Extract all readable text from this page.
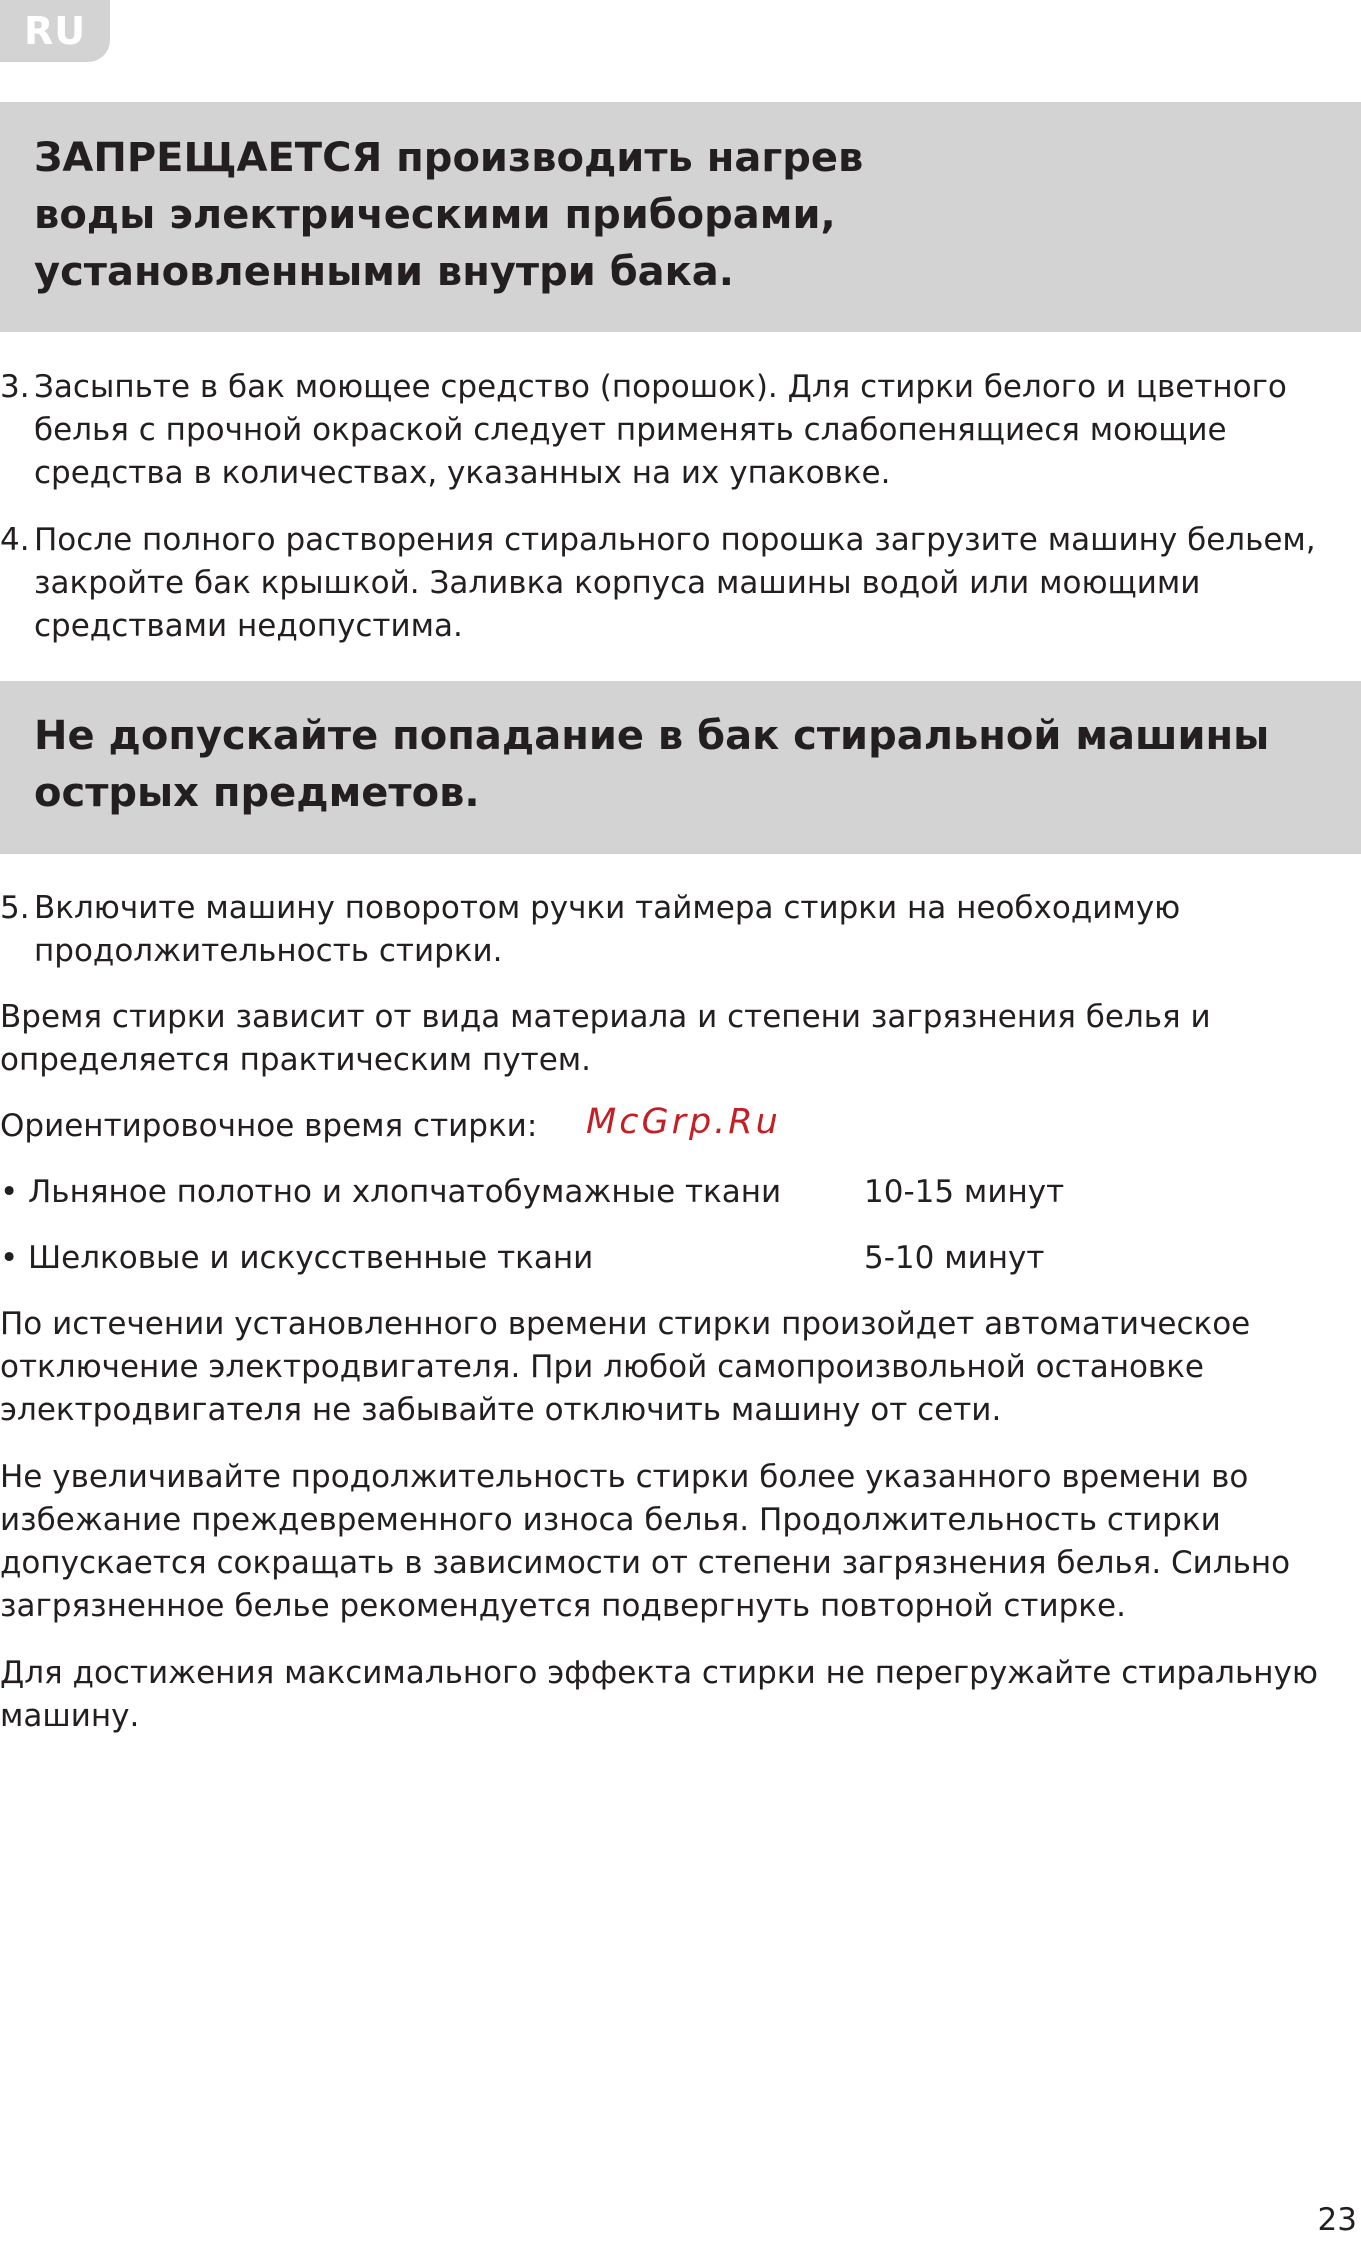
RU

ЗАПРЕЩАЕТСЯ производить нагрев

воды электрическими приборами,

установленными внутри бака.

3. Засыпьте в бак моющее средство (порошок). Для стирки белого и цветного белья с прочной окраской следует применять слабопенящиеся моющие средства в количествах, указанных на их упаковке.
4. После полного растворения стирального порошка загрузите машину бельем, закройте бак крышкой. Заливка корпуса машины водой или моющими средствами недопустима.

Не допускайте попадание в бак стиральной машины

острых предметов.

5. Включите машину поворотом ручки таймера стирки на необходимую продолжительность стирки.

Время стирки зависит от вида материала и степени загрязнения белья и определяется практическим путем.

Ориентировочное время стирки:	McGrp.Ru
• Льняное полотно и хлопчатобумажные ткани	10-15 минут
• Шелковые и искусственные ткани	5-10 минут

По истечении установленного времени стирки произойдет автоматическое отключение электродвигателя. При любой самопроизвольной остановке электродвигателя не забывайте отключить машину от сети.

Не увеличивайте продолжительность стирки более указанного времени во избежание преждевременного износа белья. Продолжительность стирки допускается сокращать в зависимости от степени загрязнения белья. Сильно загрязненное белье рекомендуется подвергнуть повторной стирке.

Для достижения максимального эффекта стирки не перегружайте стиральную машину.

23
